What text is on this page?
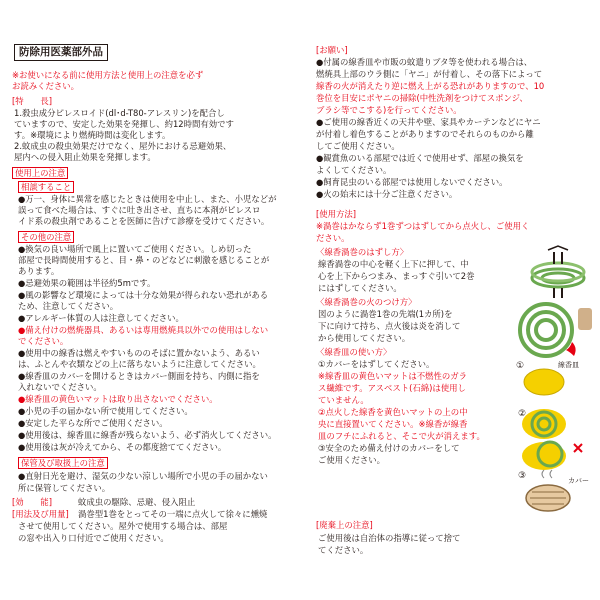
防除用医薬部外品
※お使いになる前に使用方法と使用上の注意を必ず
お読みください。
[特　　長]
1.殺虫成分ピレスロイド(dl･d-T80-アレスリン)を配合し
ていますので、安定した効果を発揮し、約12時間有効です
す。※環境により燃焼時間は変化します。
2.蚊成虫の殺虫効果だけでなく、屋外における忌避効果、
屋内への侵入阻止効果を発揮します。
使用上の注意
相談すること
●万一、身体に異常を感じたときは使用を中止し、また、小児などが
誤って食べた場合は、すぐに吐き出させ、直ちに本剤がピレスロ
イド系の殺虫剤であることを医師に告げて診療を受けてください。
その他の注意
●換気の良い場所で風上に置いてご使用ください。しめ切った
部屋で長時間使用すると、目・鼻・のどなどに刺激を感じることが
あります。
●忌避効果の範囲は半径約5mです。
●風の影響など環境によっては十分な効果が得られない恐れがある
ため、注意してください。
●アレルギー体質の人は注意してください。
●備え付けの燃焼器具、あるいは専用燃焼具以外での使用はしない
でください。
●使用中の線香は燃えやすいもののそばに置かないよう、あるい
は、ふとんや衣類などの上に落ちないように注意してください。
●線香皿のカバーを開けるときはカバー側面を持ち、内側に指を
入れないでください。
●線香皿の黄色いマットは取り出さないでください。
●小児の手の届かない所で使用してください。
●安定した平らな所でご使用ください。
●使用後は、線香皿に線香が残らないよう、必ず消火してください。
●使用後は灰が冷えてから、その都度捨ててください。
保管及び取扱上の注意
●直射日光を避け、湿気の少ない涼しい場所で小児の手の届かない
所に保管してください。
[効　　能]	蚊成虫の駆除、忌避、侵入阻止
[用法及び用量] 渦巻型1巻をとってその一端に点火して徐々に燻焼
させて使用してください。屋外で使用する場合は、部屋
の窓や出入り口付近でご使用ください。
[お願い]
●付属の線香皿や市販の蚊遣りブタ等を使われる場合は、
燃焼具上部のウラ側に「ヤニ」が付着し、その落下によって
線香の火が消えたり逆に燃え上がる恐れがありますので、10
巻位を目安にポヤニの掃除(中性洗剤をつけてスポンジ、
ブラシ等でこする)を行ってください。
●ご使用の線香近くの天井や壁、家具やカーテンなどにヤニ
が付着し着色することがありますのでそれらのものから離
してご使用ください。
●観賞魚のいる部屋では近くで使用せず、部屋の換気を
よくしてください。
●飼育昆虫のいる部屋では使用しないでください。
●火の始末には十分ご注意ください。
[使用方法]
※渦巻はかならず1巻ずつはずしてから点火し、ご使用く
ださい。
〈線香渦巻のはずし方〉
線香渦巻の中心を軽く上下に押して、中
心を上下からつまみ、まっすぐ引いて2巻
にはずしてください。
〈線香渦巻の火のつけ方〉
図のように渦巻1巻の先端(1カ所)を
下に向けて持ち、点火後は炎を消して
から使用してください。
〈線香皿の使い方〉
①カバーをはずしてください。
※線香皿の黄色いマットは不燃性のガラ
ス繊維です。アスベスト(石綿)は使用し
ていません。
②点火した線香を黄色いマットの上の中
央に直接置いてください。※線香が線香
皿のフチにふれると、そこで火が消えます。
③安全のため備え付けのカバーをして
ご使用ください。
[廃棄上の注意]
ご使用後は自治体の指導に従って捨て
てください。
①	線香皿
②
③	カバー
